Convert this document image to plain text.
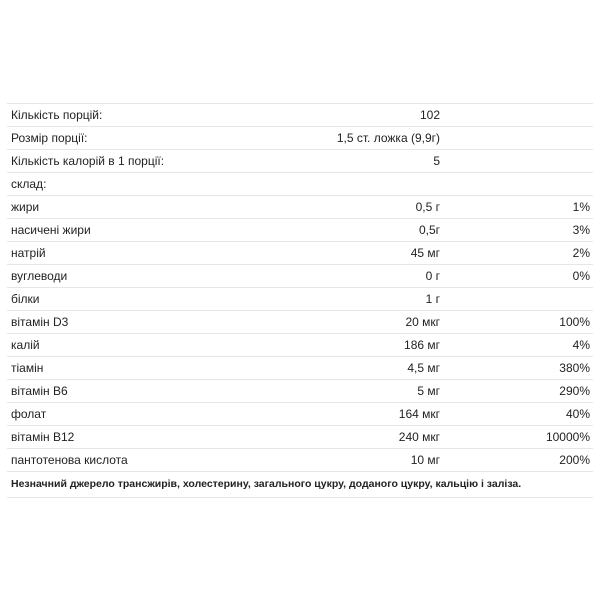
Кількість порцій:	102	
Розмір порції:	1,5 ст. ложка (9,9г)	
Кількість калорій в 1 порції:	5	
склад:		
жири	0,5 г	1%
насичені жири	0,5г	3%
натрій	45 мг	2%
вуглеводи	0 г	0%
білки	1 г	
вітамін D3	20 мкг	100%
калій	186 мг	4%
тіамін	4,5 мг	380%
вітамін B6	5 мг	290%
фолат	164 мкг	40%
вітамін B12	240 мкг	10000%
пантотенова кислота	10 мг	200%
Незначний джерело трансжирів, холестерину, загального цукру, доданого цукру, кальцію і заліза.
